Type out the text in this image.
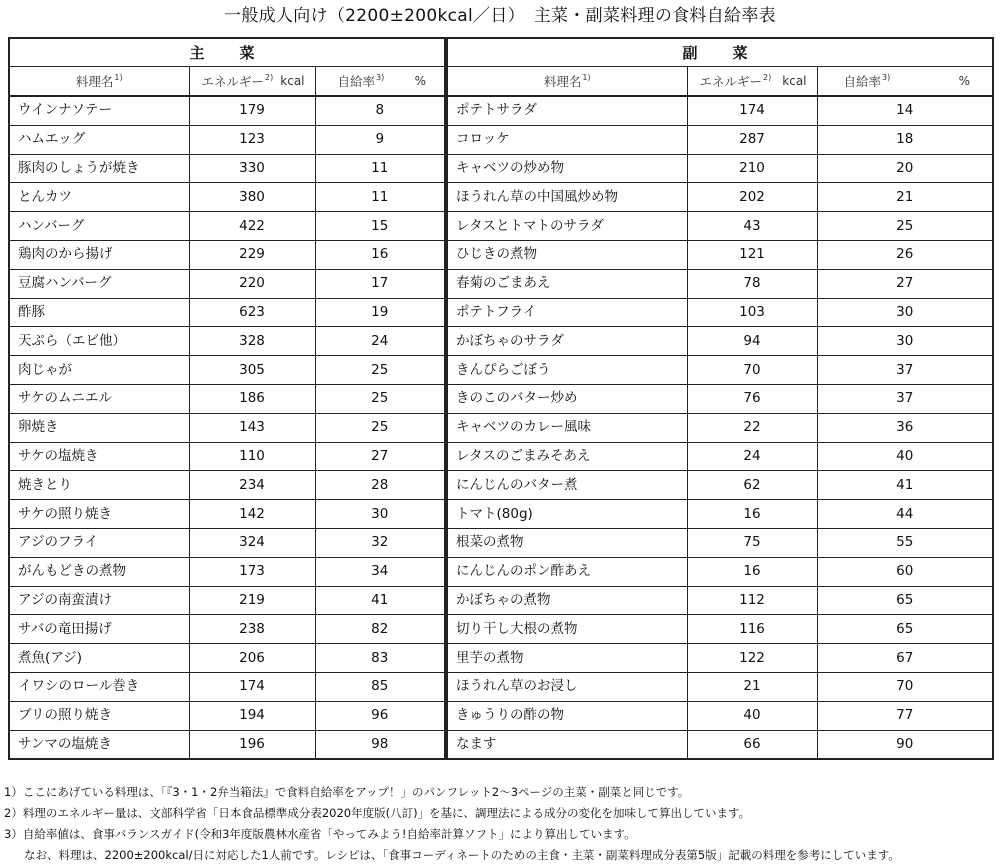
一般成人向け（2200±200kcal／日）　主菜・副菜料理の食料自給率表
主　菜		

料理名$^{1)}$	エネルギー$^{2)}$ kcal	自給率$^{3)}$ %

ウインナソテー	179	8
ハムエッグ	123	9
豚肉のしょうが焼き	330	11
とんカツ	380	11
ハンバーグ	422	15
鶏肉のから揚げ	229	16
豆腐ハンバーグ	220	17
酢豚	623	19
天ぷら（エビ他）	328	24
肉じゃが	305	25
サケのムニエル	186	25
卵焼き	143	25
サケの塩焼き	110	27
焼きとり	234	28
サケの照り焼き	142	30
アジのフライ	324	32
がんもどきの煮物	173	34
アジの南蛮漬け	219	41
サバの竜田揚げ	238	82
煮魚(アジ)	206	83
イワシのロール巻き	174	85
ブリの照り焼き	194	96
サンマの塩焼き	196	98
副　菜		

料理名$^{1)}$	エネルギー$^{2)}$ kcal	自給率$^{3)}$ %

ポテトサラダ	174	14
コロッケ	287	18
キャベツの炒め物	210	20
ほうれん草の中国風炒め物	202	21
レタスとトマトのサラダ	43	25
ひじきの煮物	121	26
春菊のごまあえ	78	27
ポテトフライ	103	30
かぼちゃのサラダ	94	30
きんぴらごぼう	70	37
きのこのバター炒め	76	37
キャベツのカレー風味	22	36
レタスのごまみそあえ	24	40
にんじんのバター煮	62	41
トマト(80g)	16	44
根菜の煮物	75	55
にんじんのポン酢あえ	16	60
かぼちゃの煮物	112	65
切り干し大根の煮物	116	65
里芋の煮物	122	67
ほうれん草のお浸し	21	70
きゅうりの酢の物	40	77
なます	66	90
1）ここにあげている料理は、「『3・1・2弁当箱法』で食料自給率をアップ！」のパンフレット2～3ページの主菜・副菜と同じです。
2）料理のエネルギー量は、文部科学省「日本食品標準成分表2020年度版(八訂)」を基に、調理法による成分の変化を加味して算出しています。
3）自給率値は、食事バランスガイド(令和3年度版農林水産省「やってみよう!自給率計算ソフト」により算出しています。
なお、料理は、2200±200kcal/日に対応した1人前です。レシピは、「食事コーディネートのための主食・主菜・副菜料理成分表第5版」記載の料理を参考にしています。
